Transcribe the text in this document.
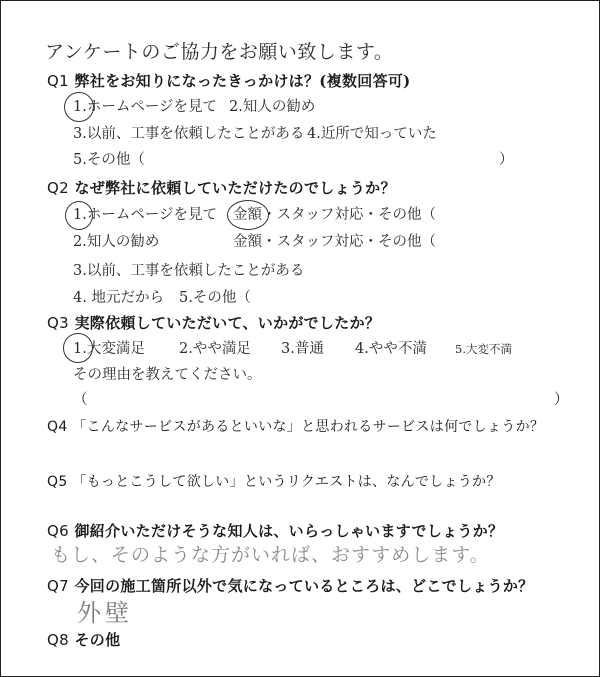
アンケートのご協力をお願い致します。
Q1 弊社をお知りになったきっかけは？(複数回答可)
1.ホームページを見て 2.知人の勧め
3.以前、工事を依頼したことがある 4.近所で知っていた
5.その他（	）
Q2 なぜ弊社に依頼していただけたのでしょうか？
1.ホームページを見て 金額・スタッフ対応・その他（
2.知人の勧め	金額・スタッフ対応・その他（
3.以前、工事を依頼したことがある
4. 地元だから 5.その他（
Q3 実際依頼していただいて、いかがでしたか？
1.大変満足 2.やや満足 3.普通 4.やや不満 5.大変不満
その理由を教えてください。
（	）
Q4 「こんなサービスがあるといいな」と思われるサービスは何でしょうか？
Q5 「もっとこうして欲しい」というリクエストは、なんでしょうか？
Q6 御紹介いただけそうな知人は、いらっしゃいますでしょうか？
もし、そのような方がいれば、おすすめします。
Q7 今回の施工箇所以外で気になっているところは、どこでしょうか？
外壁
Q8 その他
